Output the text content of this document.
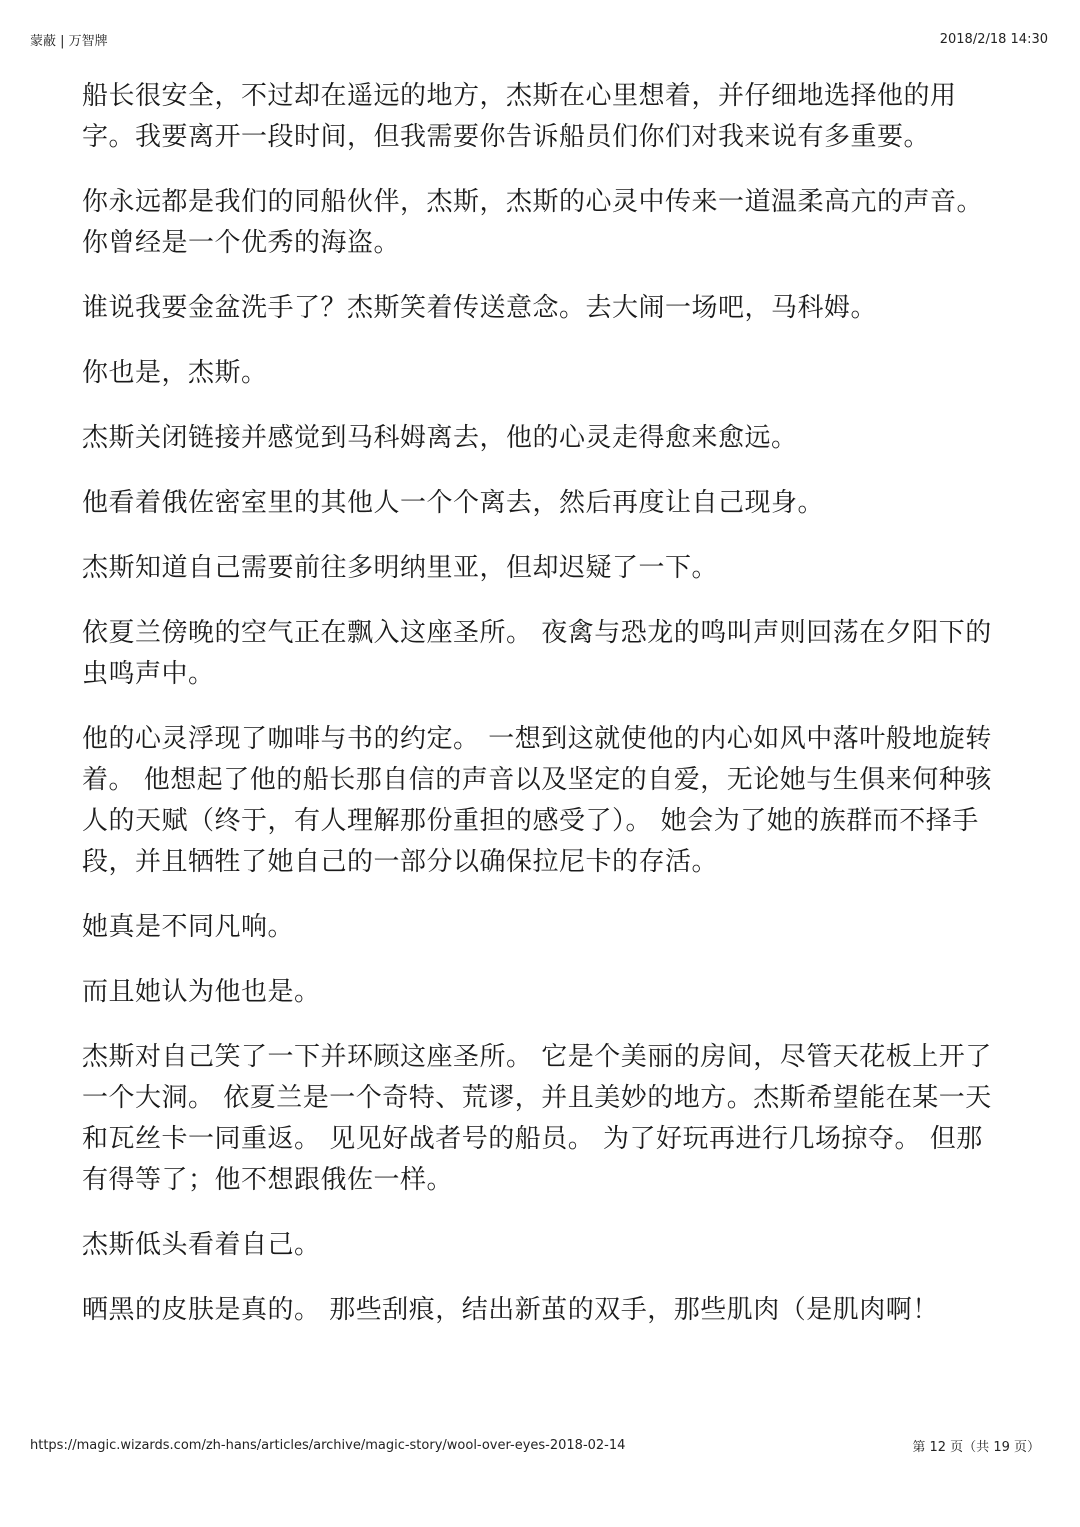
蒙蔽 | 万智牌	2018/2/18 14:30

船长很安全，不过却在遥远的地方，杰斯在心里想着，并仔细地选择他的用字。我要离开一段时间，但我需要你告诉船员们你们对我来说有多重要。

你永远都是我们的同船伙伴，杰斯，杰斯的心灵中传来一道温柔高亢的声音。你曾经是一个优秀的海盗。

谁说我要金盆洗手了？杰斯笑着传送意念。去大闹一场吧，马科姆。

你也是，杰斯。

杰斯关闭链接并感觉到马科姆离去，他的心灵走得愈来愈远。

他看着俄佐密室里的其他人一个个离去，然后再度让自己现身。

杰斯知道自己需要前往多明纳里亚，但却迟疑了一下。

依夏兰傍晚的空气正在飘入这座圣所。 夜禽与恐龙的鸣叫声则回荡在夕阳下的虫鸣声中。

他的心灵浮现了咖啡与书的约定。 一想到这就使他的内心如风中落叶般地旋转着。 他想起了他的船长那自信的声音以及坚定的自爱，无论她与生俱来何种骇人的天赋（终于，有人理解那份重担的感受了）。 她会为了她的族群而不择手段，并且牺牲了她自己的一部分以确保拉尼卡的存活。

她真是不同凡响。

而且她认为他也是。

杰斯对自己笑了一下并环顾这座圣所。 它是个美丽的房间，尽管天花板上开了一个大洞。 依夏兰是一个奇特、荒谬，并且美妙的地方。杰斯希望能在某一天和瓦丝卡一同重返。 见见好战者号的船员。 为了好玩再进行几场掠夺。 但那有得等了；他不想跟俄佐一样。

杰斯低头看着自己。

晒黑的皮肤是真的。 那些刮痕，结出新茧的双手，那些肌肉（是肌肉啊！

https://magic.wizards.com/zh-hans/articles/archive/magic-story/wool-over-eyes-2018-02-14	第 12 页（共 19 页）
